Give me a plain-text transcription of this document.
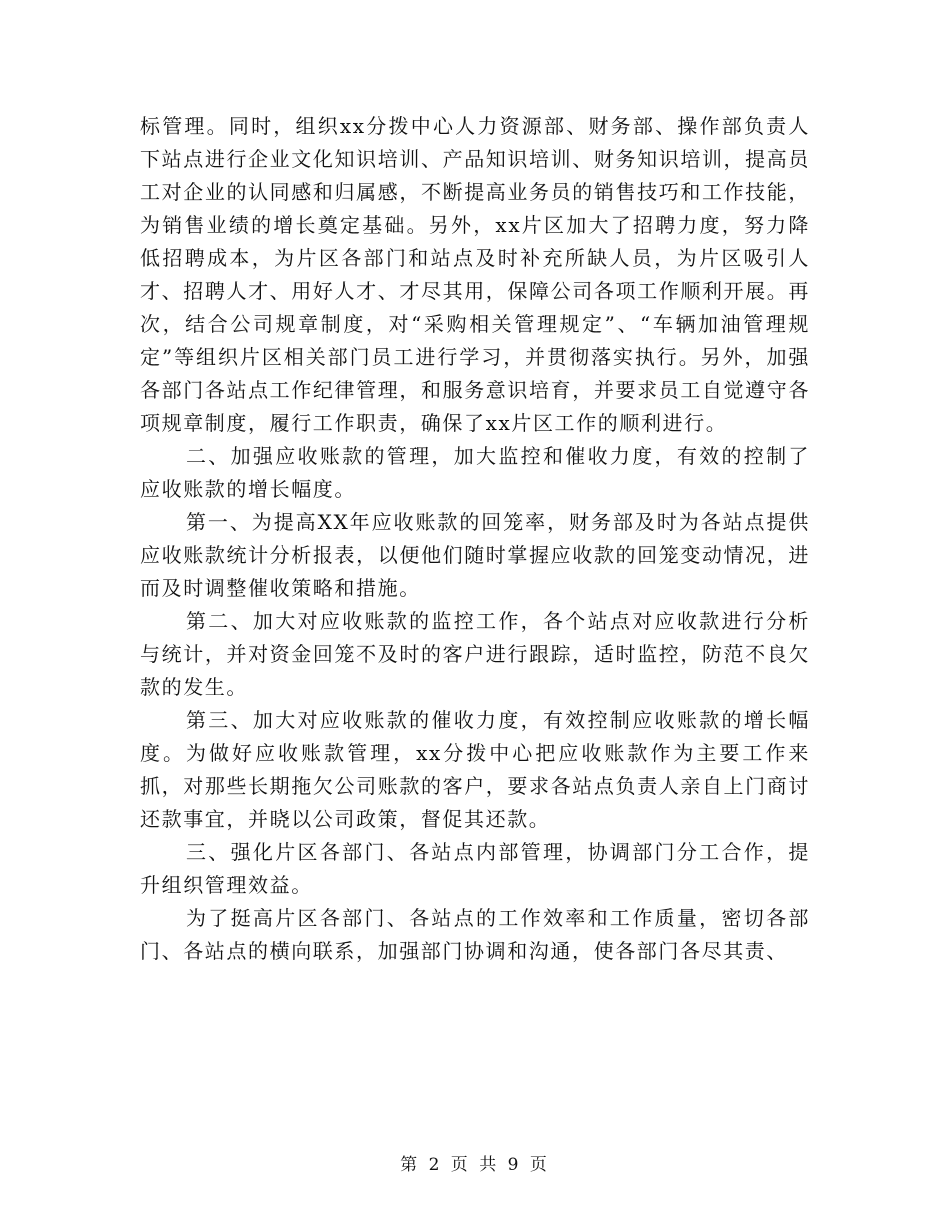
标管理。同时，组织xx分拨中心人力资源部、财务部、操作部负责人下站点进行企业文化知识培训、产品知识培训、财务知识培训，提高员工对企业的认同感和归属感，不断提高业务员的销售技巧和工作技能，为销售业绩的增长奠定基础。另外，xx片区加大了招聘力度，努力降低招聘成本，为片区各部门和站点及时补充所缺人员，为片区吸引人才、招聘人才、用好人才、才尽其用，保障公司各项工作顺利开展。再次，结合公司规章制度，对“采购相关管理规定”、“车辆加油管理规定”等组织片区相关部门员工进行学习，并贯彻落实执行。另外，加强各部门各站点工作纪律管理，和服务意识培育，并要求员工自觉遵守各项规章制度，履行工作职责，确保了xx片区工作的顺利进行。

二、加强应收账款的管理，加大监控和催收力度，有效的控制了应收账款的增长幅度。

第一、为提高XX年应收账款的回笼率，财务部及时为各站点提供应收账款统计分析报表，以便他们随时掌握应收款的回笼变动情况，进而及时调整催收策略和措施。

第二、加大对应收账款的监控工作，各个站点对应收款进行分析与统计，并对资金回笼不及时的客户进行跟踪，适时监控，防范不良欠款的发生。

第三、加大对应收账款的催收力度，有效控制应收账款的增长幅度。为做好应收账款管理，xx分拨中心把应收账款作为主要工作来抓，对那些长期拖欠公司账款的客户，要求各站点负责人亲自上门商讨还款事宜，并晓以公司政策，督促其还款。

三、强化片区各部门、各站点内部管理，协调部门分工合作，提升组织管理效益。

为了挺高片区各部门、各站点的工作效率和工作质量，密切各部门、各站点的横向联系，加强部门协调和沟通，使各部门各尽其责、

第 2 页 共 9 页
